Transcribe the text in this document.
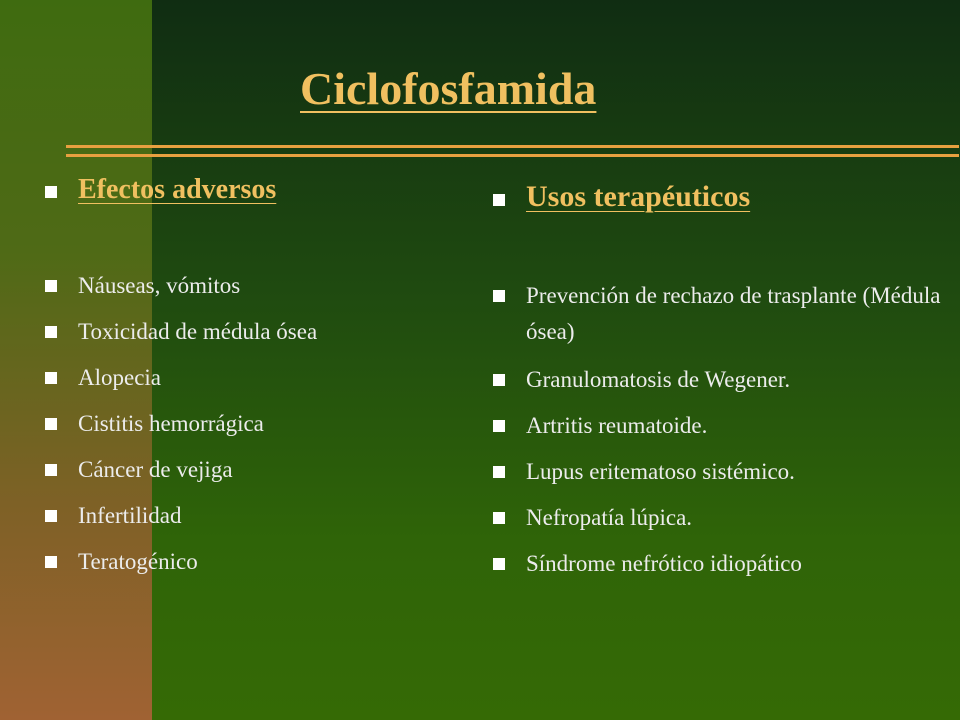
Ciclofosfamida
Efectos adversos
Náuseas, vómitos
Toxicidad de médula ósea
Alopecia
Cistitis hemorrágica
Cáncer de vejiga
Infertilidad
Teratogénico
Usos terapéuticos
Prevención de rechazo de trasplante (Médula ósea)
Granulomatosis de Wegener.
Artritis reumatoide.
Lupus eritematoso sistémico.
Nefropatía lúpica.
Síndrome nefrótico idiopático
